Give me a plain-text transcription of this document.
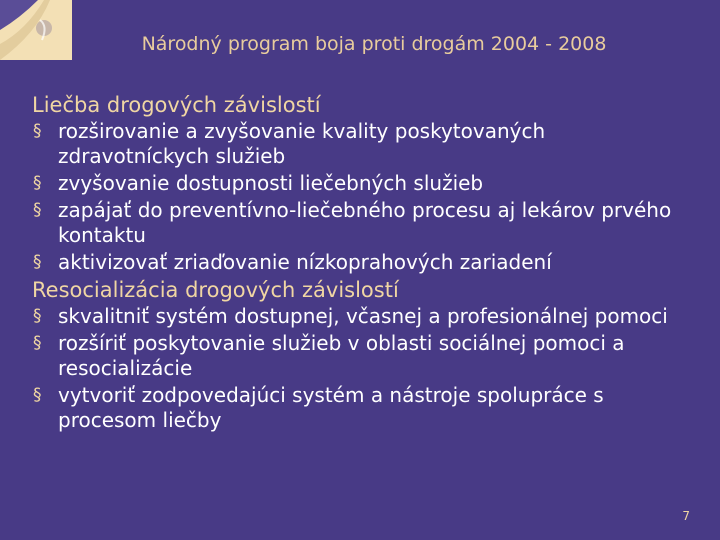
Národný program boja proti drogám 2004 - 2008
Liečba drogových závislostí
§ rozširovanie a zvyšovanie kvality poskytovaných zdravotníckych služieb
§ zvyšovanie dostupnosti liečebných služieb
§ zapájať do preventívno-liečebného procesu aj lekárov prvého kontaktu
§ aktivizovať zriaďovanie nízkoprahových zariadení
Resocializácia drogových závislostí
§ skvalitniť systém dostupnej, včasnej a profesionálnej pomoci
§ rozšíriť poskytovanie služieb v oblasti sociálnej pomoci a resocializácie
§ vytvoriť zodpovedajúci systém a nástroje spolupráce s procesom liečby
7
